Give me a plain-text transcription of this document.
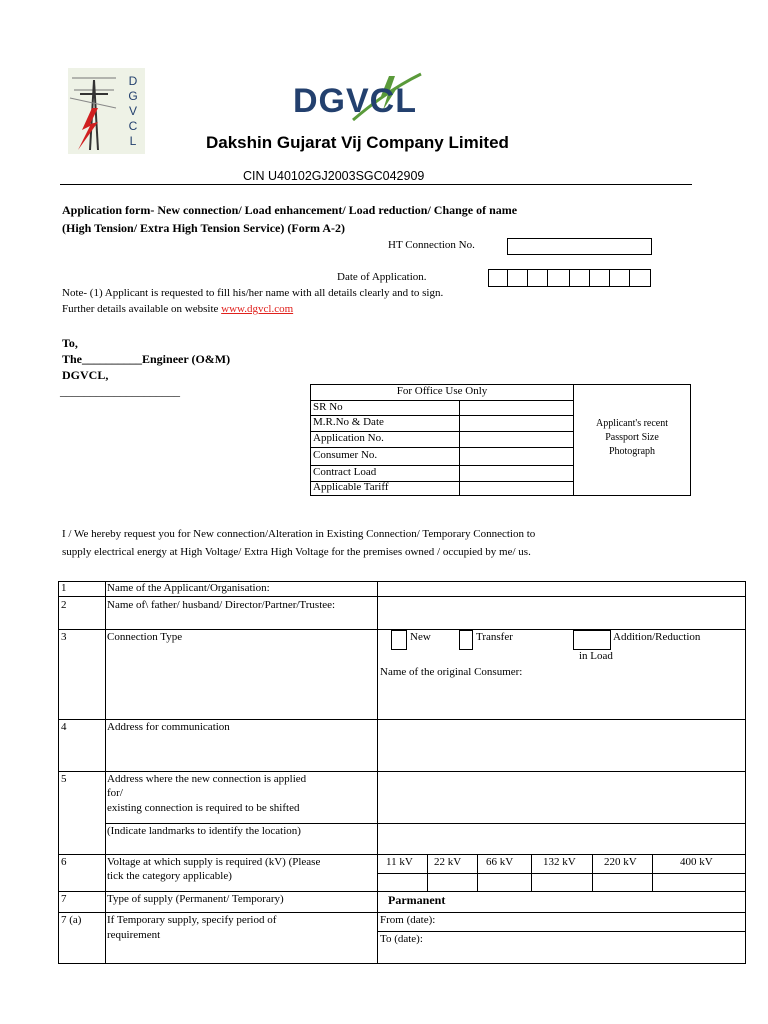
D
G
V
C
L
DGVCL
Dakshin Gujarat Vij Company Limited
CIN U40102GJ2003SGC042909
Application form- New connection/ Load enhancement/ Load reduction/ Change of name
(High Tension/ Extra High Tension Service) (Form A-2)
HT Connection No.
Date of Application.
Note- (1) Applicant is requested to fill his/her name with all details clearly and to sign.
Further details available on website www.dgvcl.com
To,
The__________Engineer (O&M)
DGVCL,
____________________	For Office Use Only
SR No
M.R.No & Date
Application No.
Consumer No.
Contract Load
Applicable Tariff
Applicant's recent
Passport Size
Photograph
I / We hereby request you for New connection/Alteration in Existing Connection/ Temporary Connection to
supply electrical energy at High Voltage/ Extra High Voltage for the premises owned / occupied by me/ us.
1	Name of the Applicant/Organisation:
2	Name of\ father/ husband/ Director/Partner/Trustee:
3	Connection Type	New	Transfer	Addition/Reduction
in Load
Name of the original Consumer:
4	Address for communication
5	Address where the new connection is applied
for/
existing connection is required to be shifted
(Indicate landmarks to identify the location)
6	Voltage at which supply is required (kV) (Please
tick the category applicable)
11 kV 22 kV 66 kV	132 kV	220 kV	400 kV
7	Type of supply (Permanent/ Temporary)	Parmanent
7 (a) If Temporary supply, specify period of
requirement
From (date):
To (date):
